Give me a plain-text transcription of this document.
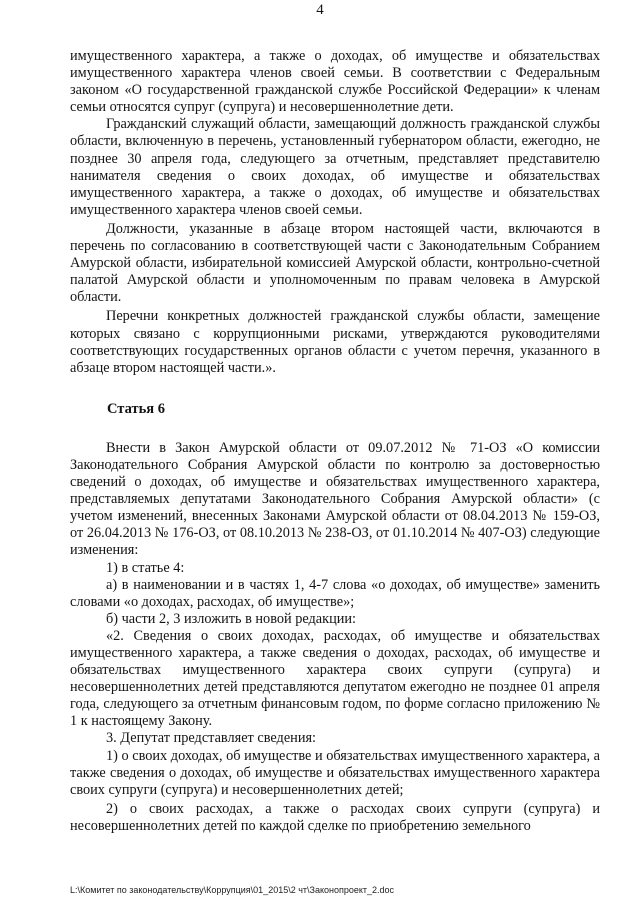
4

имущественного характера, а также о доходах, об имуществе и обязательствах имущественного характера членов своей семьи. В соответствии с Федеральным законом «О государственной гражданской службе Российской Федерации» к членам семьи относятся супруг (супруга) и несовершеннолетние дети.

Гражданский служащий области, замещающий должность гражданской службы области, включенную в перечень, установленный губернатором области, ежегодно, не позднее 30 апреля года, следующего за отчетным, представляет представителю нанимателя сведения о своих доходах, об имуществе и обязательствах имущественного характера, а также о доходах, об имуществе и обязательствах имущественного характера членов своей семьи.

Должности, указанные в абзаце втором настоящей части, включаются в перечень по согласованию в соответствующей части с Законодательным Собранием Амурской области, избирательной комиссией Амурской области, контрольно-счетной палатой Амурской области и уполномоченным по правам человека в Амурской области.

Перечни конкретных должностей гражданской службы области, замещение которых связано с коррупционными рисками, утверждаются руководителями соответствующих государственных органов области с учетом перечня, указанного в абзаце втором настоящей части.».

Статья 6

Внести в Закон Амурской области от 09.07.2012 № 71-ОЗ «О комиссии Законодательного Собрания Амурской области по контролю за достоверностью сведений о доходах, об имуществе и обязательствах имущественного характера, представляемых депутатами Законодательного Собрания Амурской области» (с учетом изменений, внесенных Законами Амурской области от 08.04.2013 № 159-ОЗ, от 26.04.2013 № 176-ОЗ, от 08.10.2013 № 238-ОЗ, от 01.10.2014 № 407-ОЗ) следующие изменения:

1) в статье 4:

а) в наименовании и в частях 1, 4-7 слова «о доходах, об имуществе» заменить словами «о доходах, расходах, об имуществе»;

б) части 2, 3 изложить в новой редакции:

«2. Сведения о своих доходах, расходах, об имуществе и обязательствах имущественного характера, а также сведения о доходах, расходах, об имуществе и обязательствах имущественного характера своих супруги (супруга) и несовершеннолетних детей представляются депутатом ежегодно не позднее 01 апреля года, следующего за отчетным финансовым годом, по форме согласно приложению № 1 к настоящему Закону.

3. Депутат представляет сведения:

1) о своих доходах, об имуществе и обязательствах имущественного характера, а также сведения о доходах, об имуществе и обязательствах имущественного характера своих супруги (супруга) и несовершеннолетних детей;

2) о своих расходах, а также о расходах своих супруги (супруга) и несовершеннолетних детей по каждой сделке по приобретению земельного

L:\Комитет по законодательству\Коррупция\01_2015\2 чт\Законопроект_2.doc
